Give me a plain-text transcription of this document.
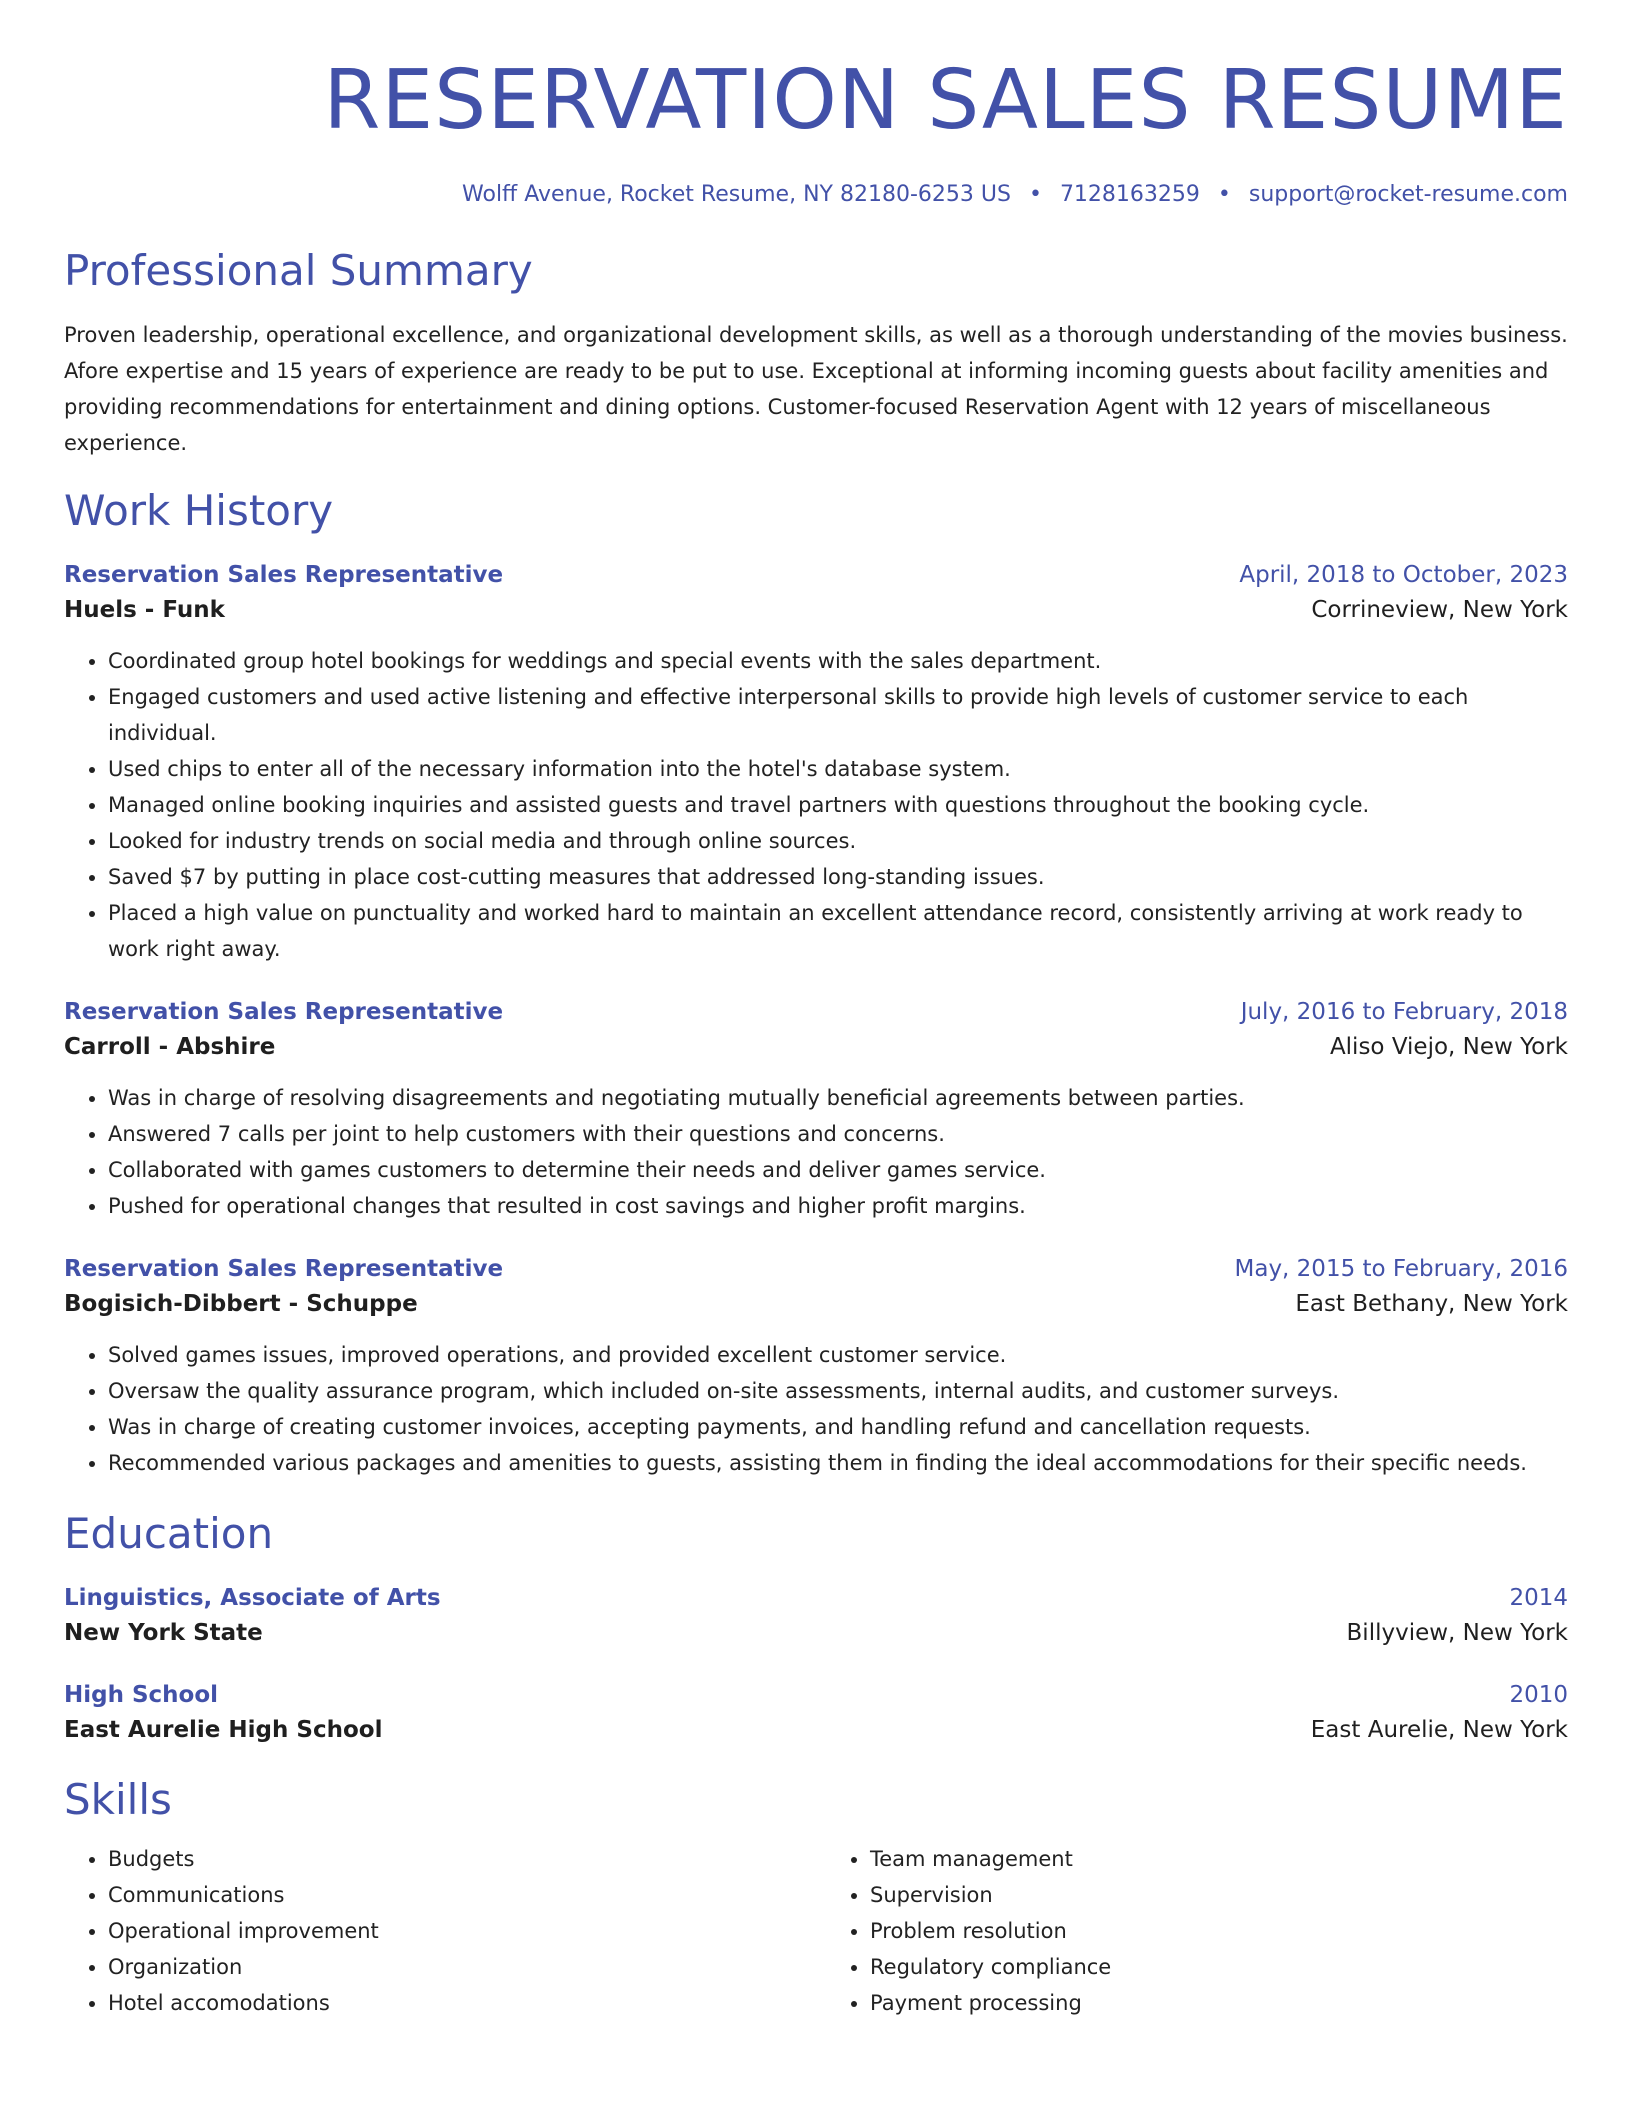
RESERVATION SALES RESUME
Wolff Avenue, Rocket Resume, NY 82180-6253 US • 7128163259 • support@rocket-resume.com
Professional Summary
Proven leadership, operational excellence, and organizational development skills, as well as a thorough understanding of the movies business. Afore expertise and 15 years of experience are ready to be put to use. Exceptional at informing incoming guests about facility amenities and providing recommendations for entertainment and dining options. Customer-focused Reservation Agent with 12 years of miscellaneous experience.
Work History
Reservation Sales Representative	April, 2018 to October, 2023
Huels - Funk	Corrineview, New York
• Coordinated group hotel bookings for weddings and special events with the sales department.
• Engaged customers and used active listening and effective interpersonal skills to provide high levels of customer service to each individual.
• Used chips to enter all of the necessary information into the hotel's database system.
• Managed online booking inquiries and assisted guests and travel partners with questions throughout the booking cycle.
• Looked for industry trends on social media and through online sources.
• Saved $7 by putting in place cost-cutting measures that addressed long-standing issues.
• Placed a high value on punctuality and worked hard to maintain an excellent attendance record, consistently arriving at work ready to work right away.
Reservation Sales Representative	July, 2016 to February, 2018
Carroll - Abshire	Aliso Viejo, New York
• Was in charge of resolving disagreements and negotiating mutually beneficial agreements between parties.
• Answered 7 calls per joint to help customers with their questions and concerns.
• Collaborated with games customers to determine their needs and deliver games service.
• Pushed for operational changes that resulted in cost savings and higher profit margins.
Reservation Sales Representative	May, 2015 to February, 2016
Bogisich-Dibbert - Schuppe	East Bethany, New York
• Solved games issues, improved operations, and provided excellent customer service.
• Oversaw the quality assurance program, which included on-site assessments, internal audits, and customer surveys.
• Was in charge of creating customer invoices, accepting payments, and handling refund and cancellation requests.
• Recommended various packages and amenities to guests, assisting them in finding the ideal accommodations for their specific needs.
Education
Linguistics, Associate of Arts	2014
New York State	Billyview, New York
High School	2010
East Aurelie High School	East Aurelie, New York
Skills
• Budgets
• Communications
• Operational improvement
• Organization
• Hotel accomodations
• Team management
• Supervision
• Problem resolution
• Regulatory compliance
• Payment processing
